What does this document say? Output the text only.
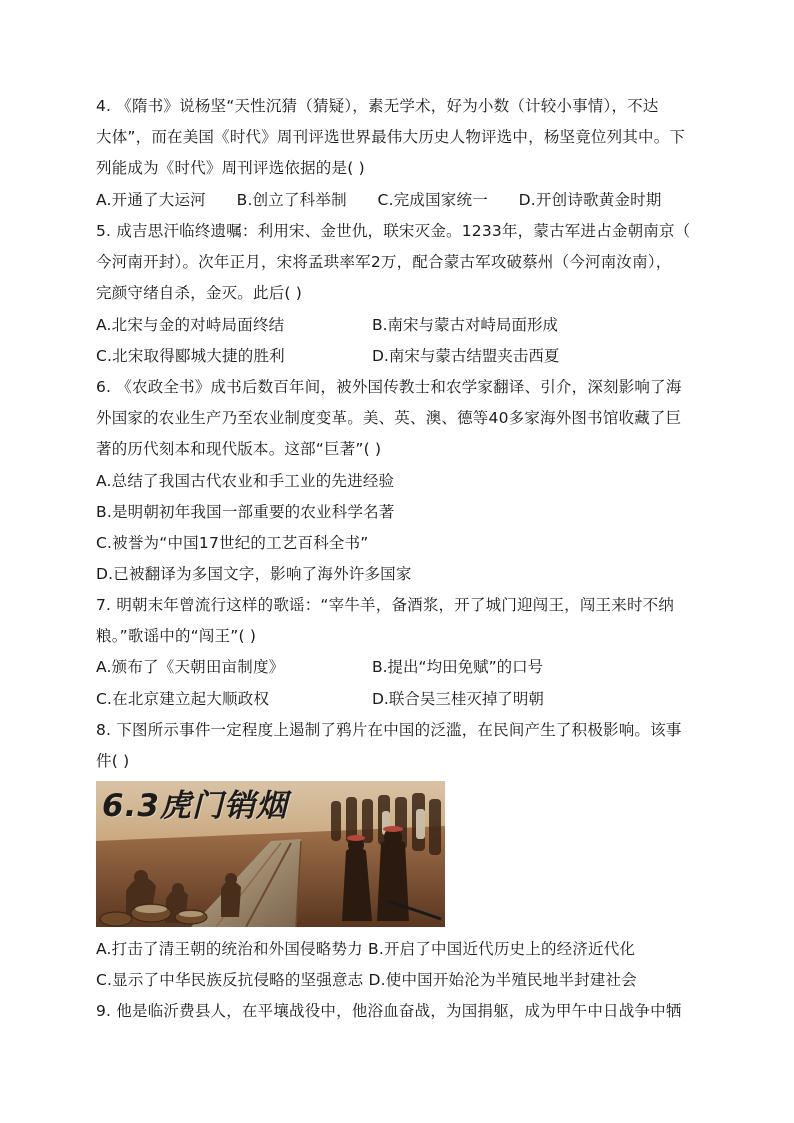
4. 《隋书》说杨坚“天性沉猜（猜疑），素无学术，好为小数（计较小事情），不达
大体”，而在美国《时代》周刊评选世界最伟大历史人物评选中，杨坚竟位列其中。下
列能成为《时代》周刊评选依据的是( )
A.开通了大运河      B.创立了科举制      C.完成国家统一      D.开创诗歌黄金时期
5. 成吉思汗临终遗嘱：利用宋、金世仇，联宋灭金。1233年，蒙古军进占金朝南京（
今河南开封）。次年正月，宋将孟珙率军2万，配合蒙古军攻破蔡州（今河南汝南），
完颜守绪自杀，金灭。此后( )
A.北宋与金的对峙局面终结	B.南宋与蒙古对峙局面形成
C.北宋取得郾城大捷的胜利	D.南宋与蒙古结盟夹击西夏
6. 《农政全书》成书后数百年间，被外国传教士和农学家翻译、引介，深刻影响了海
外国家的农业生产乃至农业制度变革。美、英、澳、德等40多家海外图书馆收藏了巨
著的历代刻本和现代版本。这部“巨著”( )
A.总结了我国古代农业和手工业的先进经验
B.是明朝初年我国一部重要的农业科学名著
C.被誉为“中国17世纪的工艺百科全书”
D.已被翻译为多国文字，影响了海外许多国家
7. 明朝末年曾流行这样的歌谣：“宰牛羊，备酒浆，开了城门迎闯王，闯王来时不纳
粮。”歌谣中的“闯王”( )
A.颁布了《天朝田亩制度》	B.提出“均田免赋”的口号
C.在北京建立起大顺政权	D.联合吴三桂灭掉了明朝
8. 下图所示事件一定程度上遏制了鸦片在中国的泛滥，在民间产生了积极影响。该事
件( )
6.3虎门销烟
A.打击了清王朝的统治和外国侵略势力 B.开启了中国近代历史上的经济近代化
C.显示了中华民族反抗侵略的坚强意志 D.使中国开始沦为半殖民地半封建社会
9. 他是临沂费县人，在平壤战役中，他浴血奋战，为国捐躯，成为甲午中日战争中牺
